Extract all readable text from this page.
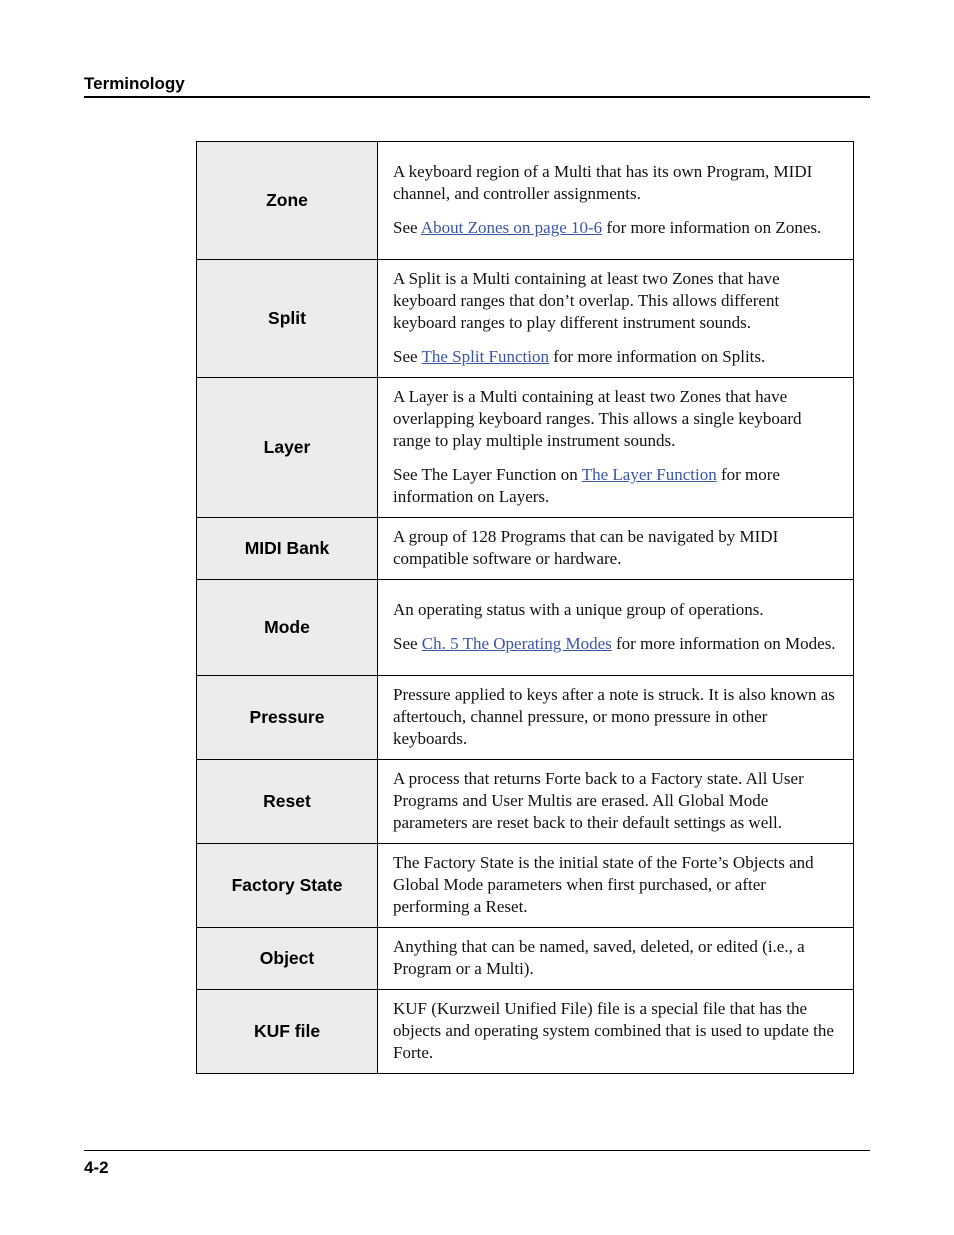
Terminology
Zone	A keyboard region of a Multi that has its own Program, MIDI channel, and controller assignments.

See About Zones on page 10-6 for more information on Zones.

Split	A Split is a Multi containing at least two Zones that have keyboard ranges that don’t overlap. This allows different keyboard ranges to play different instrument sounds.

See The Split Function for more information on Splits.

Layer	A Layer is a Multi containing at least two Zones that have overlapping keyboard ranges. This allows a single keyboard range to play multiple instrument sounds.

See The Layer Function on The Layer Function for more information on Layers.

MIDI Bank	A group of 128 Programs that can be navigated by MIDI compatible software or hardware.

Mode	An operating status with a unique group of operations.

See Ch. 5 The Operating Modes for more information on Modes.

Pressure	Pressure applied to keys after a note is struck. It is also known as aftertouch, channel pressure, or mono pressure in other keyboards.

Reset	A process that returns Forte back to a Factory state. All User Programs and User Multis are erased. All Global Mode parameters are reset back to their default settings as well.

Factory State	The Factory State is the initial state of the Forte’s Objects and Global Mode parameters when first purchased, or after performing a Reset.

Object	Anything that can be named, saved, deleted, or edited (i.e., a Program or a Multi).

KUF file	KUF (Kurzweil Unified File) file is a special file that has the objects and operating system combined that is used to update the Forte.

4-2
